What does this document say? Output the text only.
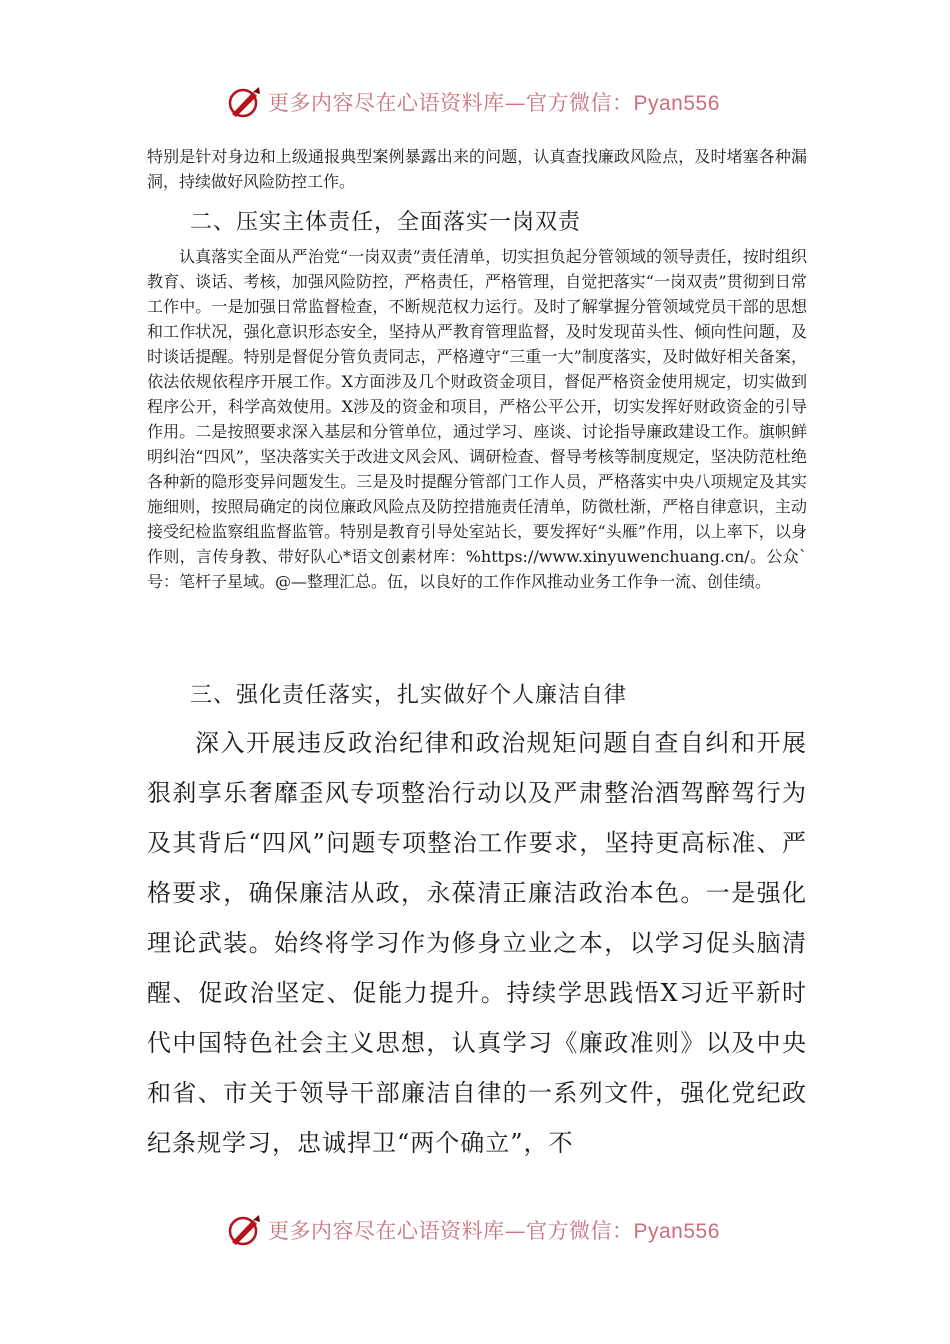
更多内容尽在心语资料库—官方微信：Pyan556

特别是针对身边和上级通报典型案例暴露出来的问题，认真查找廉政风险点，及时堵塞各种漏洞，持续做好风险防控工作。

二、压实主体责任，全面落实一岗双责

认真落实全面从严治党“一岗双责”责任清单，切实担负起分管领域的领导责任，按时组织教育、谈话、考核，加强风险防控，严格责任，严格管理，自觉把落实“一岗双责”贯彻到日常工作中。一是加强日常监督检查，不断规范权力运行。及时了解掌握分管领域党员干部的思想和工作状况，强化意识形态安全，坚持从严教育管理监督，及时发现苗头性、倾向性问题，及时谈话提醒。特别是督促分管负责同志，严格遵守“三重一大”制度落实，及时做好相关备案，依法依规依程序开展工作。X方面涉及几个财政资金项目，督促严格资金使用规定，切实做到程序公开，科学高效使用。X涉及的资金和项目，严格公平公开，切实发挥好财政资金的引导作用。二是按照要求深入基层和分管单位，通过学习、座谈、讨论指导廉政建设工作。旗帜鲜明纠治“四风”，坚决落实关于改进文风会风、调研检查、督导考核等制度规定，坚决防范杜绝各种新的隐形变异问题发生。三是及时提醒分管部门工作人员，严格落实中央八项规定及其实施细则，按照局确定的岗位廉政风险点及防控措施责任清单，防微杜渐，严格自律意识，主动接受纪检监察组监督监管。特别是教育引导处室站长，要发挥好“头雁”作用，以上率下，以身作则，言传身教、带好队心*语文创素材库：%https://www.xinyuwenchuang.cn/。公众`号：笔杆子星域。@—整理汇总。伍，以良好的工作作风推动业务工作争一流、创佳绩。

三、强化责任落实，扎实做好个人廉洁自律

深入开展违反政治纪律和政治规矩问题自查自纠和开展狠刹享乐奢靡歪风专项整治行动以及严肃整治酒驾醉驾行为及其背后“四风”问题专项整治工作要求，坚持更高标准、严格要求，确保廉洁从政，永葆清正廉洁政治本色。一是强化理论武装。始终将学习作为修身立业之本，以学习促头脑清醒、促政治坚定、促能力提升。持续学思践悟X习近平新时代中国特色社会主义思想，认真学习《廉政准则》以及中央和省、市关于领导干部廉洁自律的一系列文件，强化党纪政纪条规学习，忠诚捍卫“两个确立”，不

更多内容尽在心语资料库—官方微信：Pyan556
